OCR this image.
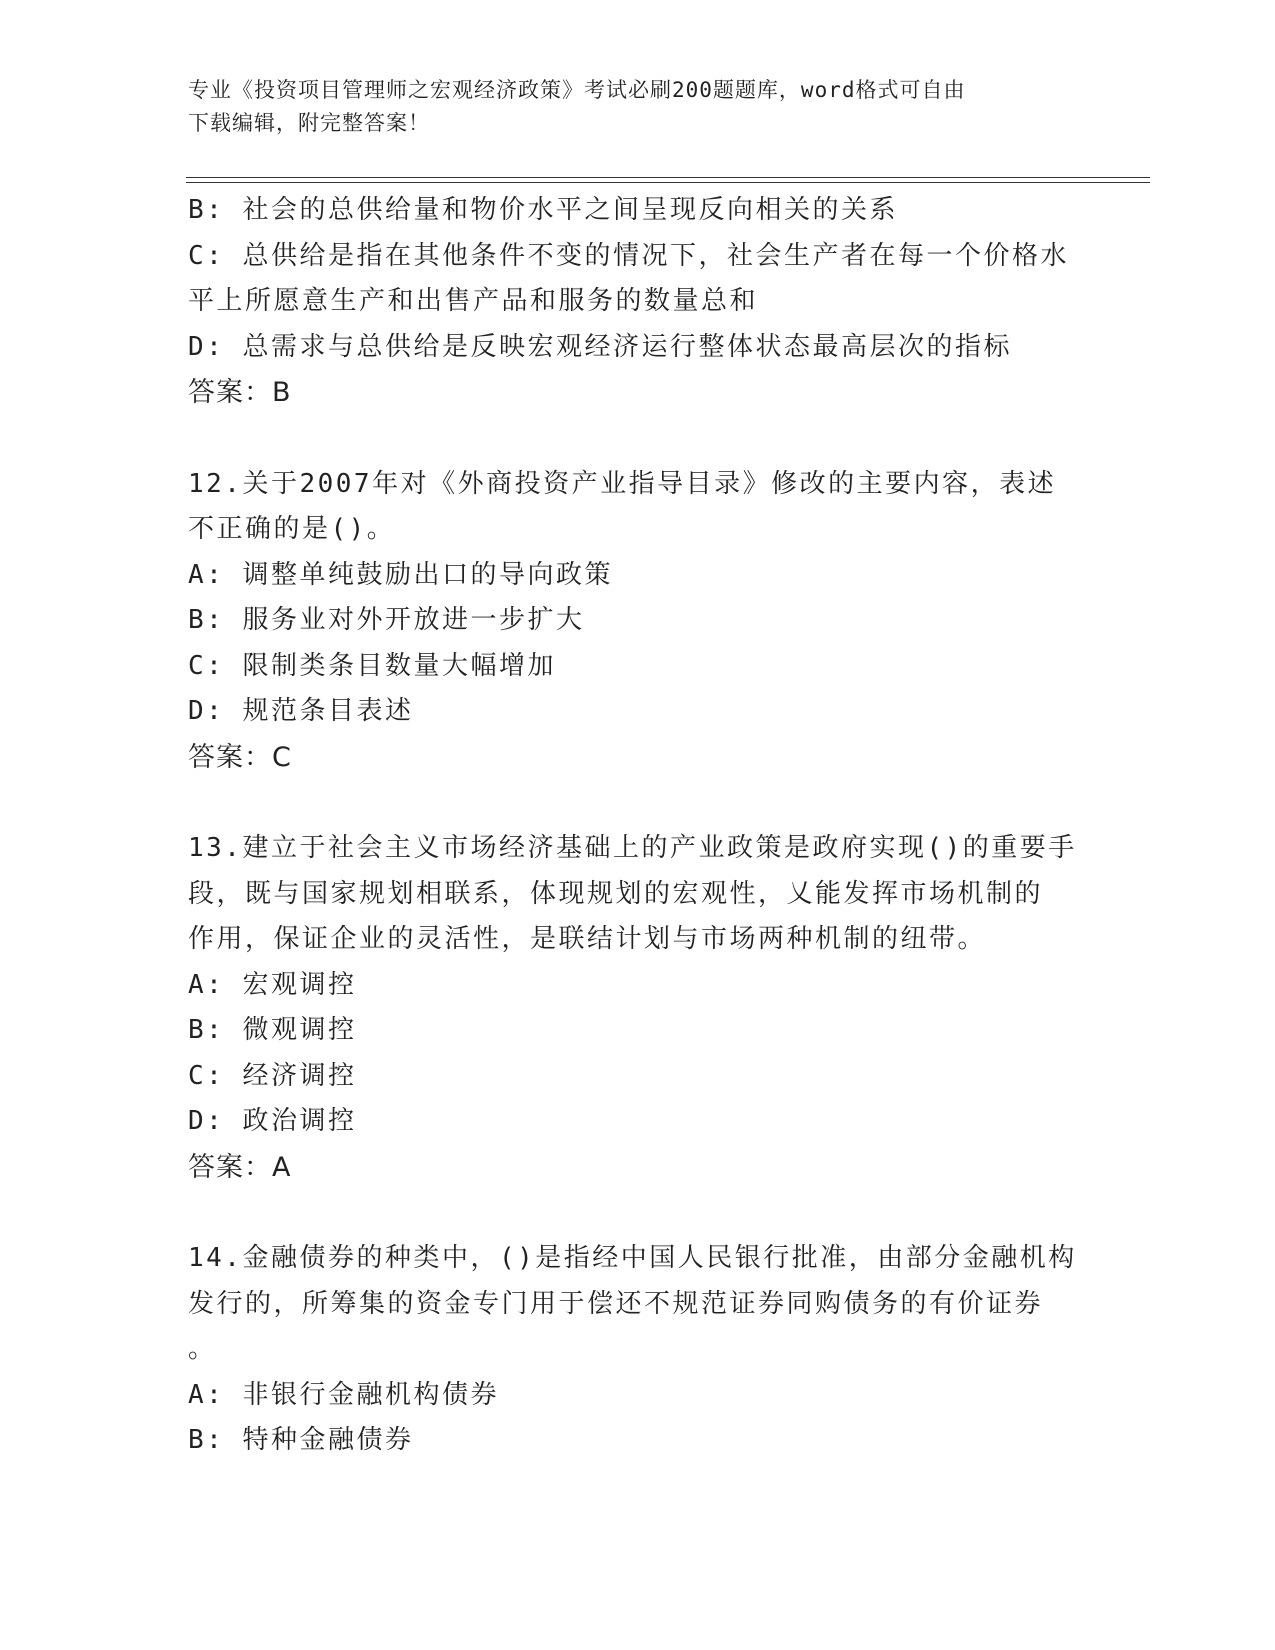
专业《投资项目管理师之宏观经济政策》考试必刷200题题库，word格式可自由
下载编辑，附完整答案！
B: 社会的总供给量和物价水平之间呈现反向相关的关系
C: 总供给是指在其他条件不变的情况下，社会生产者在每一个价格水
平上所愿意生产和出售产品和服务的数量总和
D: 总需求与总供给是反映宏观经济运行整体状态最高层次的指标
答案：B
12.关于2007年对《外商投资产业指导目录》修改的主要内容，表述
不正确的是()。
A: 调整单纯鼓励出口的导向政策
B: 服务业对外开放进一步扩大
C: 限制类条目数量大幅增加
D: 规范条目表述
答案：C
13.建立于社会主义市场经济基础上的产业政策是政府实现()的重要手
段，既与国家规划相联系，体现规划的宏观性，乂能发挥市场机制的
作用，保证企业的灵活性，是联结计划与市场两种机制的纽带。
A: 宏观调控
B: 微观调控
C: 经济调控
D: 政治调控
答案：A
14.金融债券的种类中，()是指经中国人民银行批准，由部分金融机构
发行的，所筹集的资金专门用于偿还不规范证券同购债务的有价证券
。
A: 非银行金融机构债券
B: 特种金融债券
